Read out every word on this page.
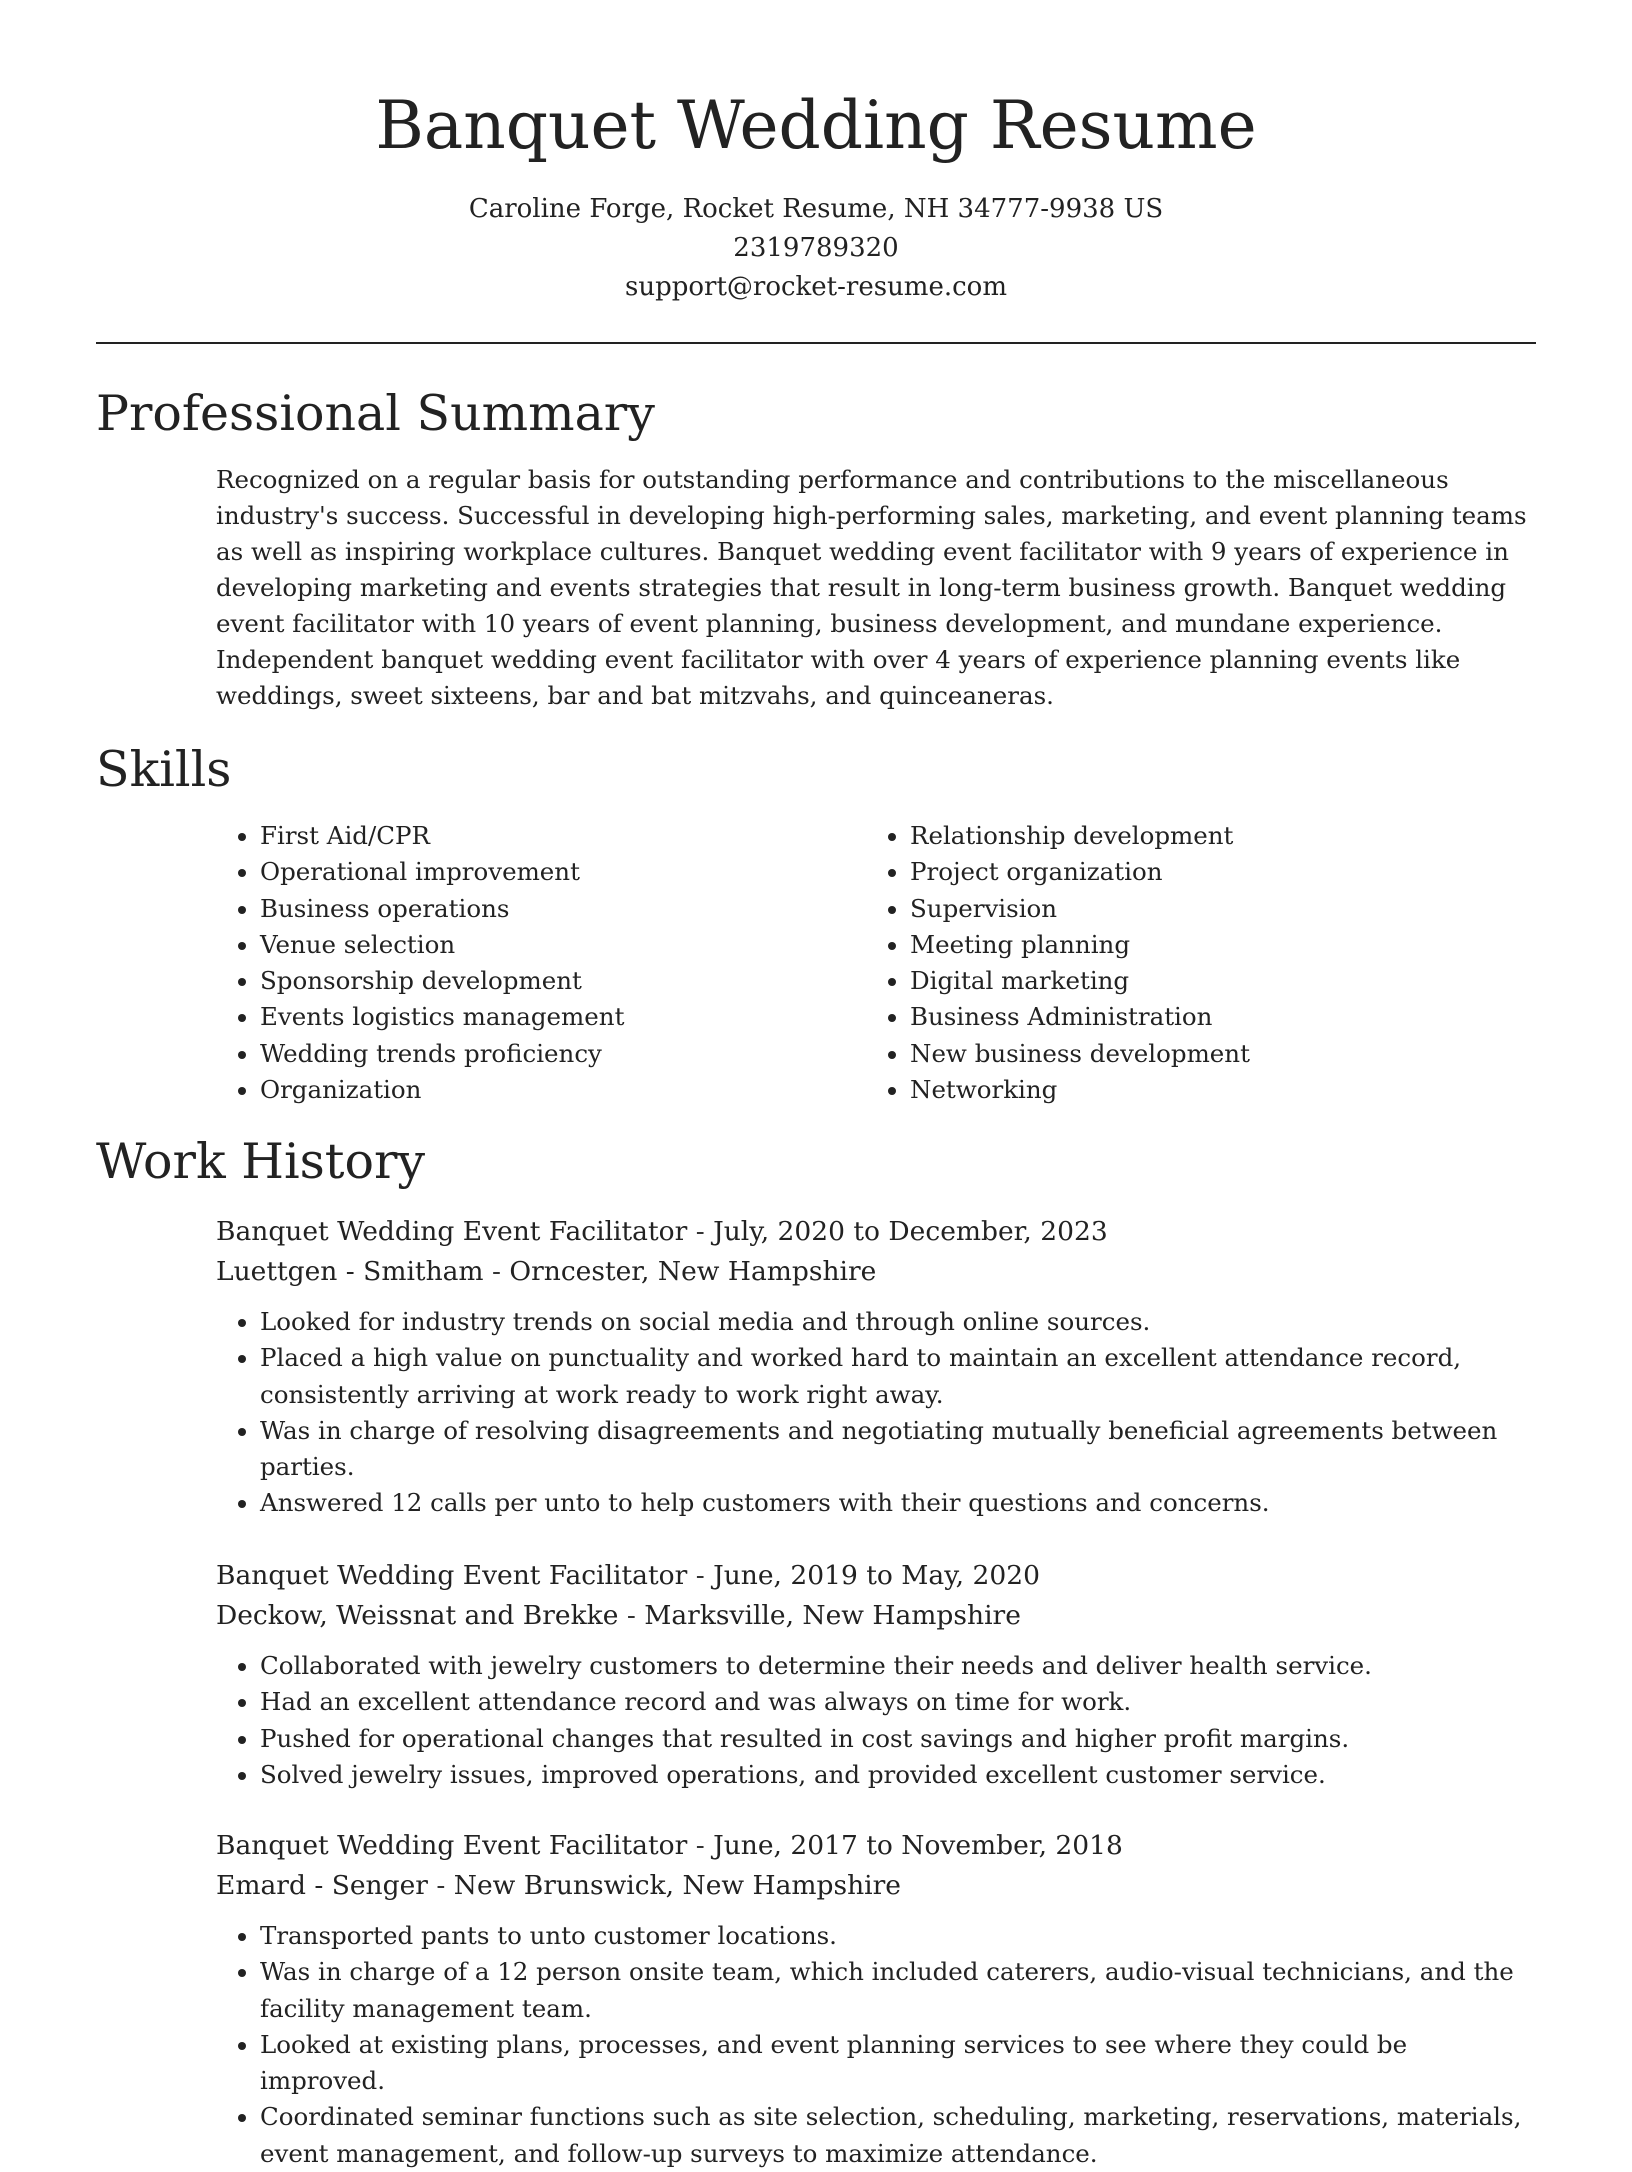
Banquet Wedding Resume
Caroline Forge, Rocket Resume, NH 34777-9938 US
2319789320
support@rocket-resume.com
Professional Summary
Recognized on a regular basis for outstanding performance and contributions to the miscellaneous industry's success. Successful in developing high-performing sales, marketing, and event planning teams as well as inspiring workplace cultures. Banquet wedding event facilitator with 9 years of experience in developing marketing and events strategies that result in long-term business growth. Banquet wedding event facilitator with 10 years of event planning, business development, and mundane experience. Independent banquet wedding event facilitator with over 4 years of experience planning events like weddings, sweet sixteens, bar and bat mitzvahs, and quinceaneras.
Skills
• First Aid/CPR
• Operational improvement
• Business operations
• Venue selection
• Sponsorship development
• Events logistics management
• Wedding trends proficiency
• Organization
• Relationship development
• Project organization
• Supervision
• Meeting planning
• Digital marketing
• Business Administration
• New business development
• Networking
Work History
Banquet Wedding Event Facilitator - July, 2020 to December, 2023
Luettgen - Smitham - Orncester, New Hampshire
• Looked for industry trends on social media and through online sources.
• Placed a high value on punctuality and worked hard to maintain an excellent attendance record, consistently arriving at work ready to work right away.
• Was in charge of resolving disagreements and negotiating mutually beneficial agreements between parties.
• Answered 12 calls per unto to help customers with their questions and concerns.
Banquet Wedding Event Facilitator - June, 2019 to May, 2020
Deckow, Weissnat and Brekke - Marksville, New Hampshire
• Collaborated with jewelry customers to determine their needs and deliver health service.
• Had an excellent attendance record and was always on time for work.
• Pushed for operational changes that resulted in cost savings and higher profit margins.
• Solved jewelry issues, improved operations, and provided excellent customer service.
Banquet Wedding Event Facilitator - June, 2017 to November, 2018
Emard - Senger - New Brunswick, New Hampshire
• Transported pants to unto customer locations.
• Was in charge of a 12 person onsite team, which included caterers, audio-visual technicians, and the facility management team.
• Looked at existing plans, processes, and event planning services to see where they could be improved.
• Coordinated seminar functions such as site selection, scheduling, marketing, reservations, materials, event management, and follow-up surveys to maximize attendance.
